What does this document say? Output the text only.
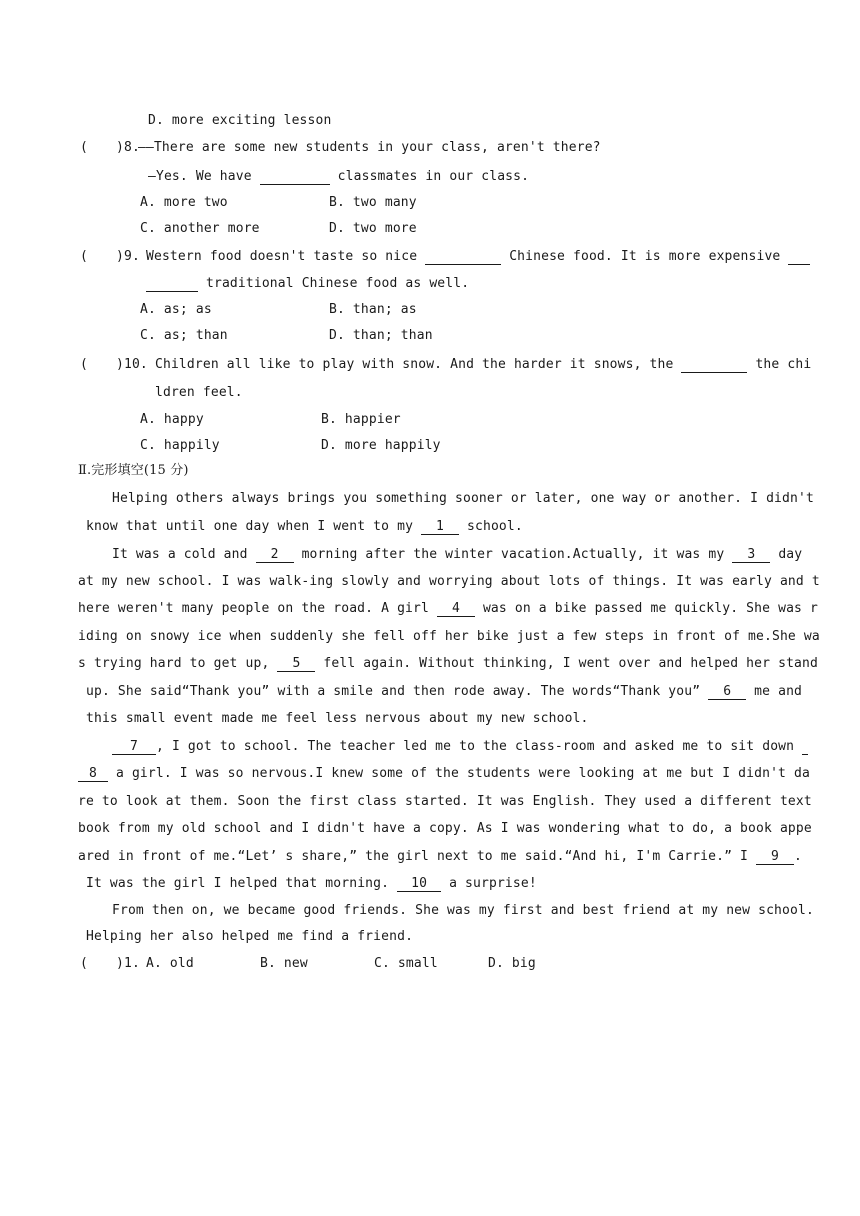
D. more exciting lesson
( )8.
——There are some new students in your class, aren't there?
—Yes. We have	classmates in our class.
A. more two	B. two many
C. another more	D. two more
( )9. Western food doesn't taste so nice	Chinese food. It is more expensive
traditional Chinese food as well.
A. as; as	B. than; as
C. as; than	D. than; than
( )10. Children all like to play with snow. And the harder it snows, the	the chi
ldren feel.
A. happy	B. happier
C. happily	D. more happily
Ⅱ.完形填空(15 分)
Helping others always brings you something sooner or later, one way or another. I didn't
know that until one day when I went to my 1 school.
It was a cold and 2 morning after the winter vacation.Actually, it was my 3 day
at my new school. I was walk-ing slowly and worrying about lots of things. It was early and t
here weren't many people on the road. A girl 4 was on a bike passed me quickly. She was r
iding on snowy ice when suddenly she fell off her bike just a few steps in front of me.She wa
s trying hard to get up, 5 fell again. Without thinking, I went over and helped her stand
up. She said“Thank you” with a smile and then rode away. The words“Thank you” 6 me and
this small event made me feel less nervous about my new school.
7 , I got to school. The teacher led me to the class-room and asked me to sit down
8 a girl. I was so nervous.I knew some of the students were looking at me but I didn't da
re to look at them. Soon the first class started. It was English. They used a different text
book from my old school and I didn't have a copy. As I was wondering what to do, a book appe
ared in front of me.“Let’ s share,” the girl next to me said.“And hi, I'm Carrie.” I 9 .
It was the girl I helped that morning. 10 a surprise!
From then on, we became good friends. She was my first and best friend at my new school.
Helping her also helped me find a friend.
( )1. A. old	B. new	C. small	D. big
